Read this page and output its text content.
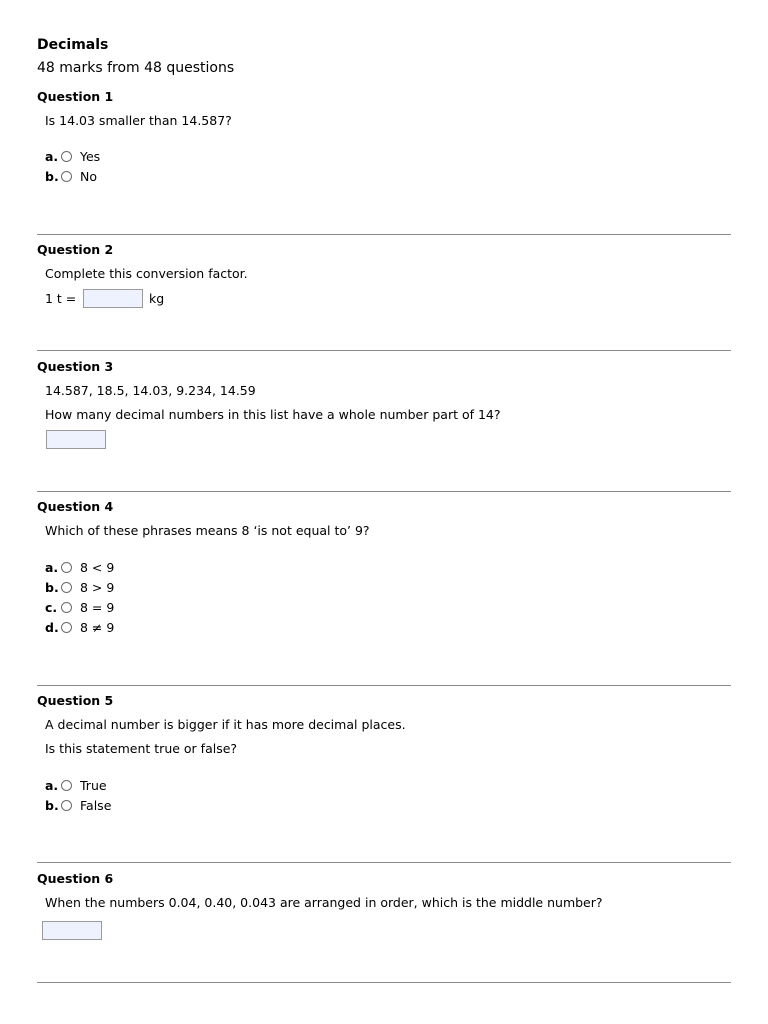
Decimals
48 marks from 48 questions
Question 1
Is 14.03 smaller than 14.587?
a. Yes
b. No
Question 2
Complete this conversion factor.
1 t =	kg
Question 3
14.587, 18.5, 14.03, 9.234, 14.59
How many decimal numbers in this list have a whole number part of 14?
Question 4
Which of these phrases means 8 ‘is not equal to’ 9?
a. 8 < 9
b. 8 > 9
c.	8 = 9
d. 8 ≠ 9
Question 5
A decimal number is bigger if it has more decimal places.
Is this statement true or false?
a. True
b. False
Question 6
When the numbers 0.04, 0.40, 0.043 are arranged in order, which is the middle number?
